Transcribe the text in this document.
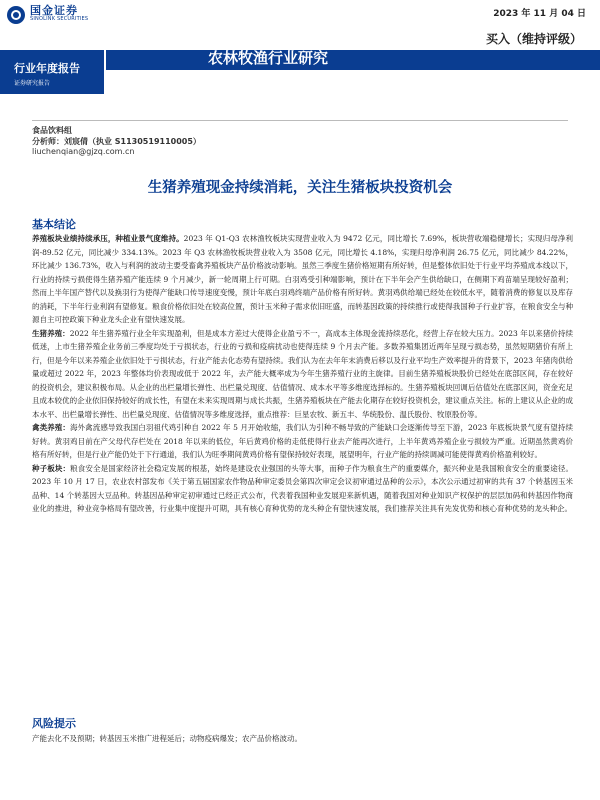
国金证券
SINOLINK SECURITIES	2023 年 11 月 04 日
行业年度报告
证券研究报告
农林牧渔行业研究
买入（维持评级）
食品饮料组
分析师：刘宸倩（执业 S1130519110005）
liuchenqian@gjzq.com.cn
生猪养殖现金持续消耗，关注生猪板块投资机会
基本结论

养殖板块业绩持续承压，种植业景气度维持。2023 年 Q1-Q3 农林渔牧板块实现营业收入为 9472 亿元，同比增长 7.69%，板块营收端稳健增长；实现归母净利润-89.52 亿元，同比减少 334.13%。2023 年 Q3 农林渔牧板块营业收入为 3508 亿元，同比增长 4.18%，实现归母净利润 26.75 亿元，同比减少 84.22%，环比减少 136.73%，收入与利润的波动主要受畜禽养殖板块产品价格波动影响。虽然三季度生猪价格短期有所好转，但是整体依旧处于行业平均养殖成本线以下，行业的持续亏损使得生猪养殖产能连续 9 个月减少，新一轮周期上行可期。白羽鸡受引种端影响，预计在下半年会产生供给缺口，在侧期下鸡苗端呈现较好盈利；然而上半年国产替代以及换羽行为使得产能缺口传导速度变慢，预计年底白羽鸡终端产品价格有所好转。黄羽鸡供给端已经处在较低水平，随着消费的修复以及库存的消耗，下半年行业利润有望修复。粮食价格依旧处在较高位置，预计玉米种子需求依旧旺盛，而转基因政策的持续推行或使得我国种子行业扩容，在粮食安全与种源自主可控政策下种业龙头企业有望快速发展。

生猪养殖：2022 年生猪养殖行业全年实现盈利，但是成本方差过大使得企业盈亏不一，高成本主体现金流持续恶化，经营上存在较大压力。2023 年以来猪价持续低迷，上市生猪养殖企业务前三季度均处于亏损状态，行业的亏损和疫病扰动也使得连续 9 个月去产能。多数养殖集团近两年呈现亏损态势，虽然短期猪价有所上行，但是今年以来养殖企业依旧处于亏损状态，行业产能去化态势有望持续。我们认为在去年年末消费后移以及行业平均生产效率提升的背景下，2023 年猪肉供给量或超过 2022 年，2023 年整体均价表现或低于 2022 年，去产能大概率成为今年生猪养殖行业的主旋律。目前生猪养殖板块股价已经处在底部区间，存在较好的投资机会，建议积极布局。从企业的出栏量增长弹性、出栏量兑现度、估值情况、成本水平等多维度选择标的。生猪养殖板块回调后估值处在底部区间，资金充足且成本较优的企业依旧保持较好的成长性，有望在未来实现周期与成长共振，生猪养殖板块在产能去化期存在较好投资机会，建议重点关注。标的上建议从企业的成本水平、出栏量增长弹性、出栏量兑现度、估值情况等多维度选择，重点推荐：巨星农牧、新五丰、华统股份、温氏股份、牧原股份等。

禽类养殖：海外禽流感导致我国白羽祖代鸡引种自 2022 年 5 月开始收缩，我们认为引种不畅导致的产能缺口会逐渐传导至下游，2023 年底板块景气度有望持续好转。黄羽鸡目前在产父母代存栏处在 2018 年以来的低位，年后黄鸡价格的走低使得行业去产能再次进行，上半年黄鸡养殖企业亏损较为严重。近期虽然黄鸡价格有所好转，但是行业产能仍处于下行通道，我们认为旺季期间黄鸡价格有望保持较好表现，展望明年，行业产能的持续调减可能使得黄鸡价格盈利较好。

种子板块：粮食安全是国家经济社会稳定发展的根基，始终是建设农业强国的头等大事，而种子作为粮食生产的重要媒介，振兴种业是我国粮食安全的重要途径。2023 年 10 月 17 日，农业农村部发布《关于第五届国家农作物品种审定委员会第四次审定会议初审通过品种的公示》，本次公示通过初审的共有 37 个转基因玉米品种、14 个转基因大豆品种。转基因品种审定初审通过已经正式公布，代表着我国种业发展迎来新机遇，随着我国对种业知识产权保护的层层加码和转基因作物商业化的推进，种业竞争格局有望改善，行业集中度提升可期，具有核心育种优势的龙头种企有望快速发展，我们推荐关注具有先发优势和核心育种优势的龙头种企。

风险提示
产能去化不及预期；转基因玉米推广进程延后；动物疫病爆发；农产品价格波动。
